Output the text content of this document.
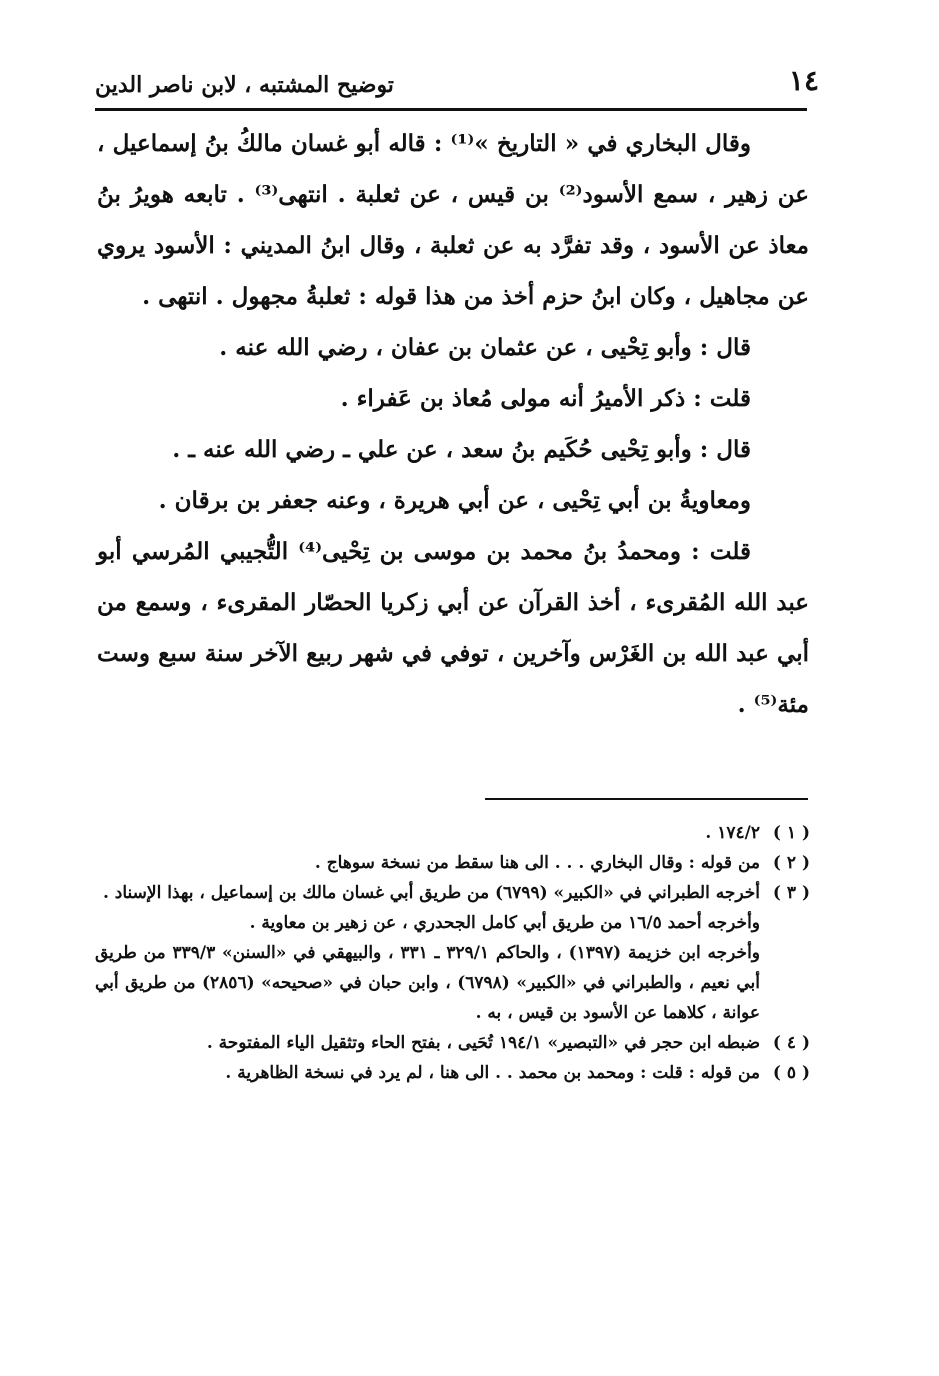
١٤
توضيح المشتبه ، لابن ناصر الدين

وقال البخاري في « التاريخ »⁽¹⁾ : قاله أبو غسان مالكُ بنُ إسماعيل ، عن زهير ، سمع الأسود⁽²⁾ بن قيس ، عن ثعلبة . انتهى⁽³⁾ . تابعه هويرُ بنُ معاذ عن الأسود ، وقد تفرَّد به عن ثعلبة ، وقال ابنُ المديني : الأسود يروي عن مجاهيل ، وكان ابنُ حزم أخذ من هذا قوله : ثعلبةُ مجهول . انتهى .

قال : وأبو تِحْيى ، عن عثمان بن عفان ، رضي الله عنه .

قلت : ذكر الأميرُ أنه مولى مُعاذ بن عَفراء .

قال : وأبو تِحْيى حُكَيم بنُ سعد ، عن علي ـ رضي الله عنه ـ .

ومعاويةُ بن أبي تِحْيى ، عن أبي هريرة ، وعنه جعفر بن برقان .

قلت : ومحمدُ بنُ محمد بن موسى بن تِحْيى⁽⁴⁾ التُّجيبي المُرسي أبو عبد الله المُقرىء ، أخذ القرآن عن أبي زكريا الحصّار المقرىء ، وسمع من أبي عبد الله بن الغَرْس وآخرين ، توفي في شهر ربيع الآخر سنة سبع وست مئة⁽⁵⁾ .

( ١ )

١٧٤/٢ .

( ٢ )

من قوله : وقال البخاري . . . الى هنا سقط من نسخة سوهاج .

( ٣ )

أخرجه الطبراني في «الكبير» (٦٧٩٩) من طريق أبي غسان مالك بن إسماعيل ، بهذا الإسناد .

وأخرجه أحمد ١٦/٥ من طريق أبي كامل الجحدري ، عن زهير بن معاوية .

وأخرجه ابن خزيمة (١٣٩٧) ، والحاكم ٣٢٩/١ ـ ٣٣١ ، والبيهقي في «السنن» ٣٣٩/٣ من طريق أبي نعيم ، والطبراني في «الكبير» (٦٧٩٨) ، وابن حبان في «صحيحه» (٢٨٥٦) من طريق أبي عوانة ، كلاهما عن الأسود بن قيس ، به .

( ٤ )

ضبطه ابن حجر في «التبصير» ١٩٤/١ تُحَيى ، بفتح الحاء وتثقيل الياء المفتوحة .

( ٥ )

من قوله : قلت : ومحمد بن محمد . . الى هنا ، لم يرد في نسخة الظاهرية .
